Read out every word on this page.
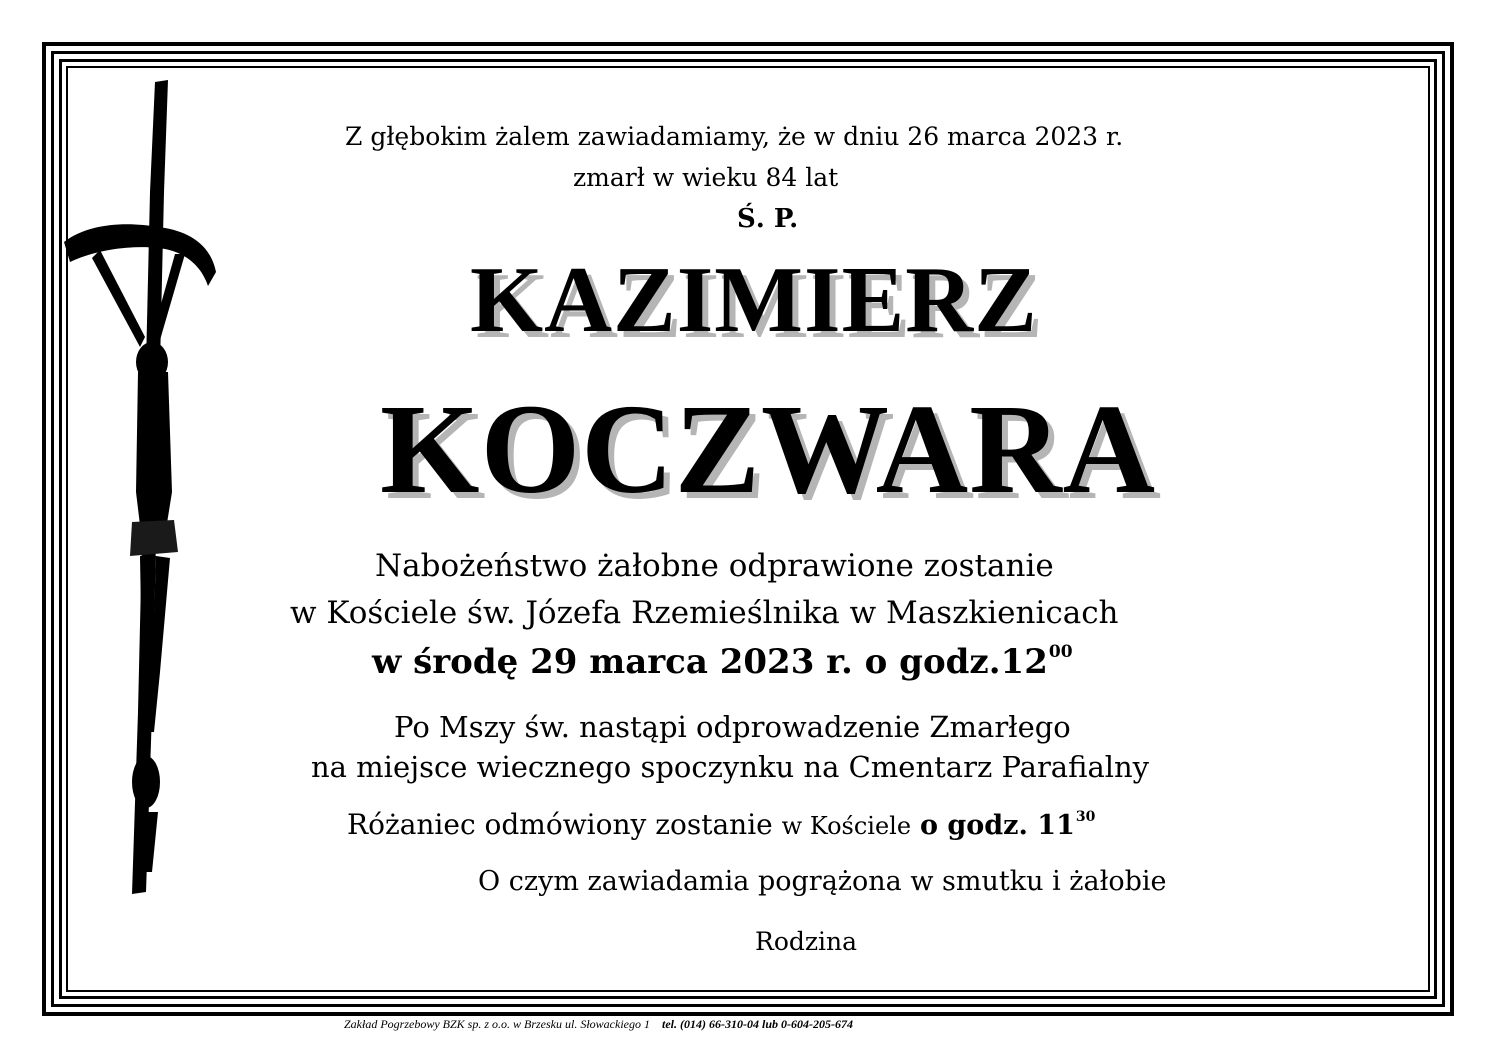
Z głębokim żalem zawiadamiamy, że w dniu 26 marca 2023 r.
zmarł w wieku 84 lat
Ś. P.
KAZIMIERZ
KOCZWARA
Nabożeństwo żałobne odprawione zostanie
w Kościele św. Józefa Rzemieślnika w Maszkienicach
w środę 29 marca 2023 r. o $godz.12^{00}$
Po Mszy św. nastąpi odprowadzenie Zmarłego
na miejsce wiecznego spoczynku na Cmentarz Parafialny
Różaniec odmówiony zostanie w Kościele o godz. $11^{30}$
O czym zawiadamia pogrążona w smutku i żałobie
Rodzina
Zakład Pogrzebowy BZK sp. z o.o. w Brzesku ul. Słowackiego 1 tel. (014) 66-310-04 lub 0-604-205-674
